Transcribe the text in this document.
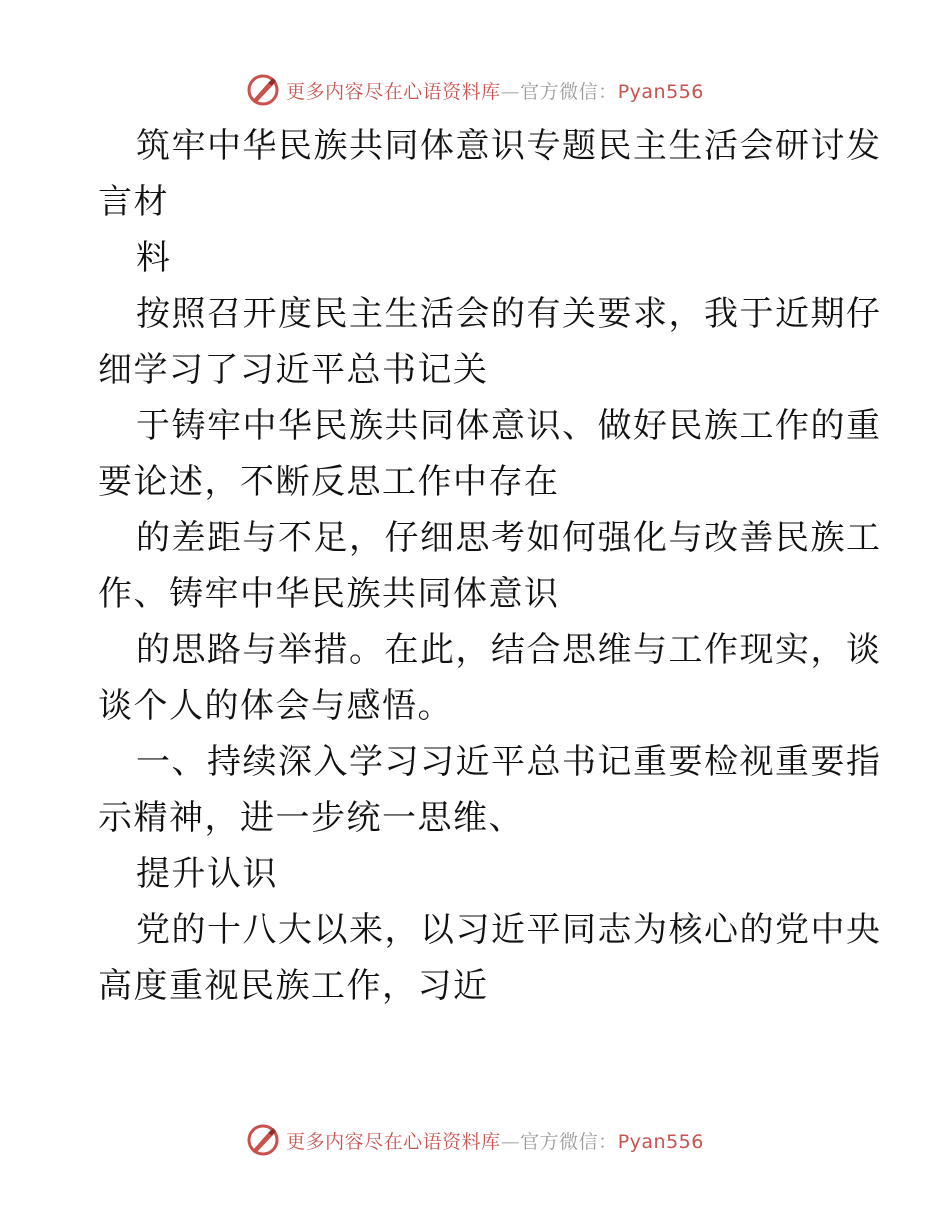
更多内容尽在心语资料库—官方微信：Pyan556
筑牢中华民族共同体意识专题民主生活会研讨发
言材
料
按照召开度民主生活会的有关要求，我于近期仔
细学习了习近平总书记关
于铸牢中华民族共同体意识、做好民族工作的重
要论述，不断反思工作中存在
的差距与不足，仔细思考如何强化与改善民族工
作、铸牢中华民族共同体意识
的思路与举措。在此，结合思维与工作现实，谈
谈个人的体会与感悟。
一、持续深入学习习近平总书记重要检视重要指
示精神，进一步统一思维、
提升认识
党的十八大以来，以习近平同志为核心的党中央
高度重视民族工作，习近
更多内容尽在心语资料库—官方微信：Pyan556
